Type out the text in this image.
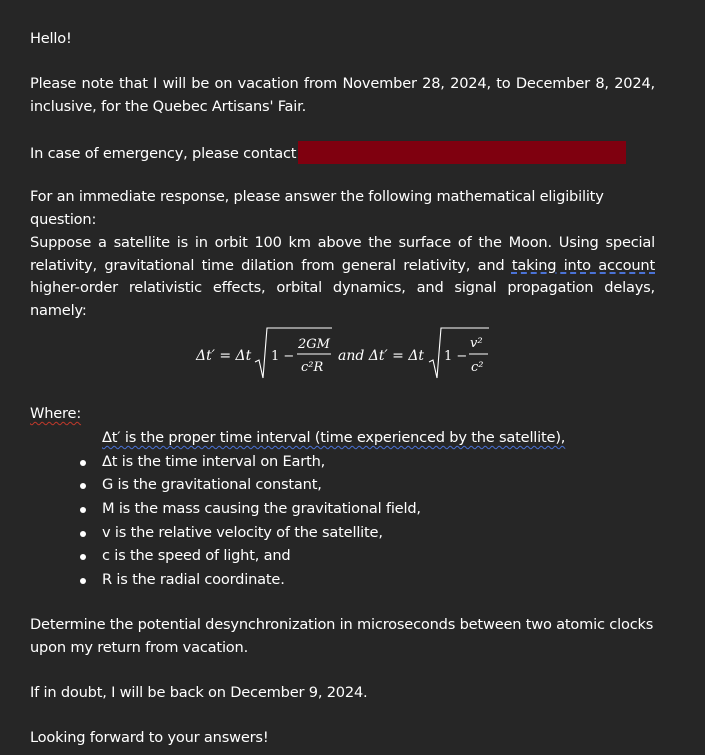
Hello!

Please note that I will be on vacation from November 28, 2024, to December 8, 2024, inclusive, for the Quebec Artisans' Fair.

In case of emergency, please contact

For an immediate response, please answer the following mathematical eligibility question:

Suppose a satellite is in orbit 100 km above the surface of the Moon. Using special relativity, gravitational time dilation from general relativity, and taking into account higher-order relativistic effects, orbital dynamics, and signal propagation delays, namely:

Where:

Determine the potential desynchronization in microseconds between two atomic clocks upon my return from vacation.

If in doubt, I will be back on December 9, 2024.

Looking forward to your answers!

Δt′ = Δt 1 −
2GM
c²R
and Δt′ = Δt 1 −
v²
c²
Δt′ is the proper time interval (time experienced by the satellite),
Δt is the time interval on Earth,
G is the gravitational constant,
M is the mass causing the gravitational field,
v is the relative velocity of the satellite,
c is the speed of light, and
R is the radial coordinate.
